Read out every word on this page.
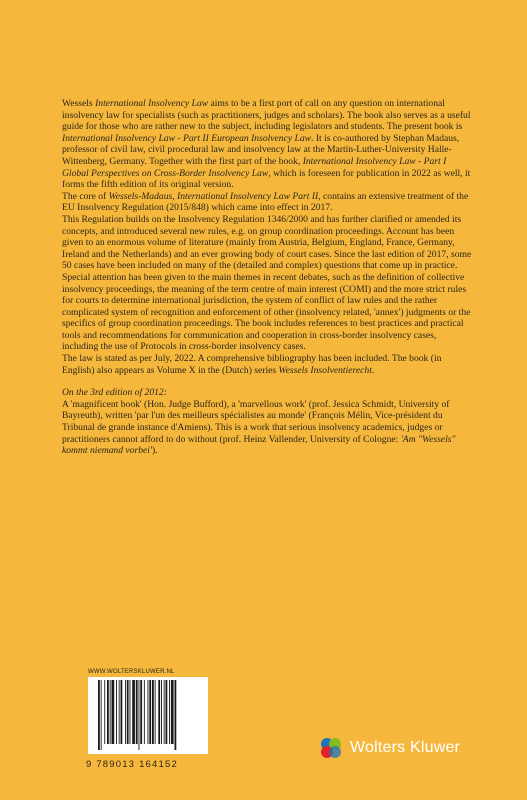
Wessels International Insolvency Law aims to be a first port of call on any question on international insolvency law for specialists (such as practitioners, judges and scholars). The book also serves as a useful guide for those who are rather new to the subject, including legislators and students. The present book is International Insolvency Law - Part II European Insolvency Law. It is co-authored by Stephan Madaus, professor of civil law, civil procedural law and insolvency law at the Martin-Luther-University Halle-Wittenberg, Germany. Together with the first part of the book, International Insolvency Law - Part I Global Perspectives on Cross-Border Insolvency Law, which is foreseen for publication in 2022 as well, it forms the fifth edition of its original version.

The core of Wessels-Madaus, International Insolvency Law Part II, contains an extensive treatment of the EU Insolvency Regulation (2015/848) which came into effect in 2017.

This Regulation builds on the Insolvency Regulation 1346/2000 and has further clarified or amended its concepts, and introduced several new rules, e.g. on group coordination proceedings. Account has been given to an enormous volume of literature (mainly from Austria, Belgium, England, France, Germany, Ireland and the Netherlands) and an ever growing body of court cases. Since the last edition of 2017, some 50 cases have been included on many of the (detailed and complex) questions that come up in practice. Special attention has been given to the main themes in recent debates, such as the definition of collective insolvency proceedings, the meaning of the term centre of main interest (COMI) and the more strict rules for courts to determine international jurisdiction, the system of conflict of law rules and the rather complicated system of recognition and enforcement of other (insolvency related, 'annex') judgments or the specifics of group coordination proceedings. The book includes references to best practices and practical tools and recommendations for communication and cooperation in cross-border insolvency cases, including the use of Protocols in cross-border insolvency cases.

The law is stated as per July, 2022. A comprehensive bibliography has been included. The book (in English) also appears as Volume X in the (Dutch) series Wessels Insolventierecht.

On the 3rd edition of 2012:

A 'magnificent book' (Hon. Judge Bufford), a 'marvellous work' (prof. Jessica Schmidt, University of Bayreuth), written 'par l'un des meilleurs spécialistes au monde' (François Mélin, Vice-président du Tribunal de grande instance d'Amiens). This is a work that serious insolvency academics, judges or practitioners cannot afford to do without (prof. Heinz Vallender, University of Cologne: 'Am "Wessels" kommt niemand vorbei').

WWW.WOLTERSKLUWER.NL
9 789013 164152
Wolters Kluwer
